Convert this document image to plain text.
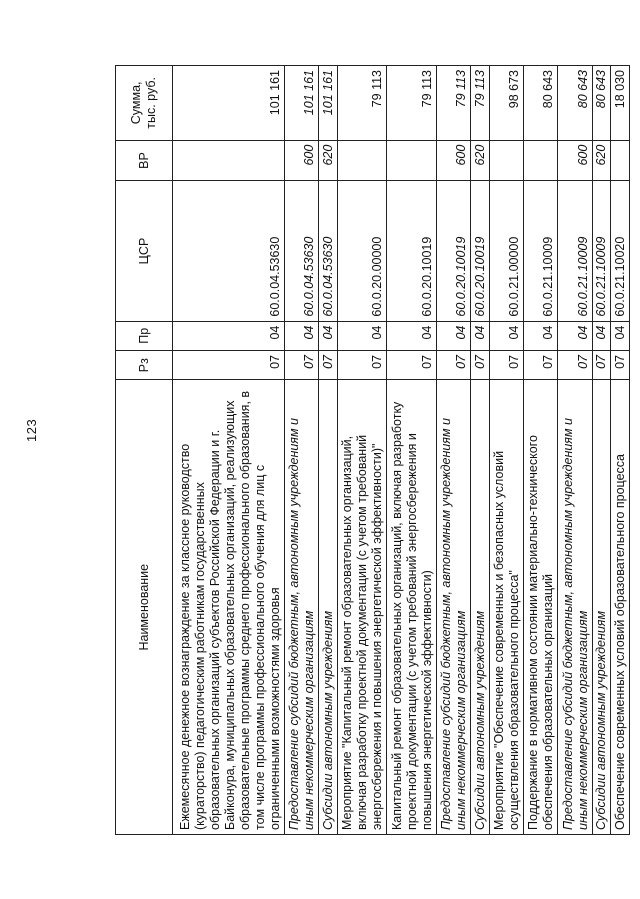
123
Наименование	Рз	Пр	ЦСР	ВР	Сумма, тыс. руб.
Ежемесячное денежное вознаграждение за классное руководство (кураторство) педагогическим работникам государственных образовательных организаций субъектов Российской Федерации и г. Байконура, муниципальных образовательных организаций, реализующих образовательные программы среднего профессионального образования, в том числе программы профессионального обучения для лиц с ограниченными возможностями здоровья	07	04	60.0.04.53630		101 161
Предоставление субсидий бюджетным, автономным учреждениям и иным некоммерческим организациям	07	04	60.0.04.53630	600	101 161
Субсидии автономным учреждениям	07	04	60.0.04.53630	620	101 161
Мероприятие "Капитальный ремонт образовательных организаций, включая разработку проектной документации (с учетом требований энергосбережения и повышения энергетической эффективности)"	07	04	60.0.20.00000		79 113
Капитальный ремонт образовательных организаций, включая разработку проектной документации (с учетом требований энергосбережения и повышения энергетической эффективности)	07	04	60.0.20.10019		79 113
Предоставление субсидий бюджетным, автономным учреждениям и иным некоммерческим организациям	07	04	60.0.20.10019	600	79 113
Субсидии автономным учреждениям	07	04	60.0.20.10019	620	79 113
Мероприятие "Обеспечение современных и безопасных условий осуществления образовательного процесса"	07	04	60.0.21.00000		98 673
Поддержание в нормативном состоянии материально-технического обеспечения образовательных организаций	07	04	60.0.21.10009		80 643
Предоставление субсидий бюджетным, автономным учреждениям и иным некоммерческим организациям	07	04	60.0.21.10009	600	80 643
Субсидии автономным учреждениям	07	04	60.0.21.10009	620	80 643
Обеспечение современных условий образовательного процесса	07	04	60.0.21.10020		18 030
